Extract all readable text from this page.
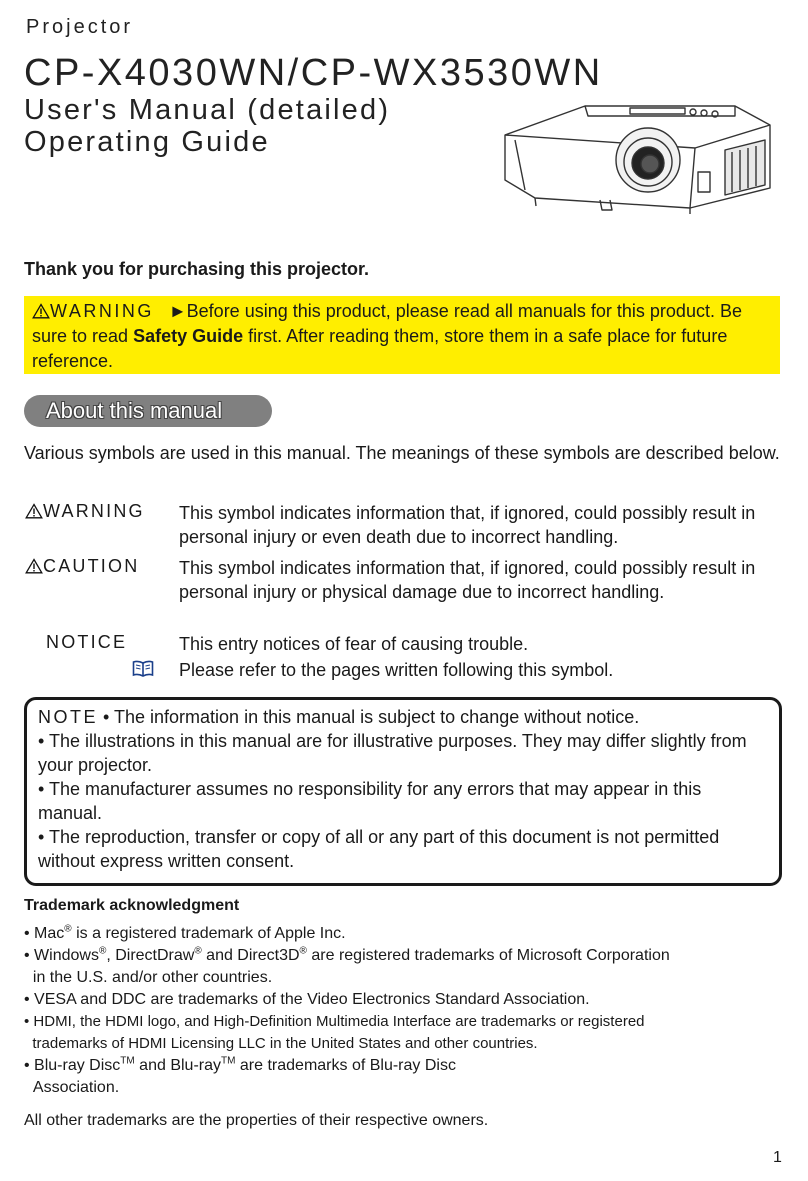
Projector
CP-X4030WN/CP-WX3530WN
User's Manual (detailed)
Operating Guide
Thank you for purchasing this projector.
WARNING ►Before using this product, please read all manuals for this product. Be sure to read Safety Guide first. After reading them, store them in a safe place for future reference.
About this manual
Various symbols are used in this manual. The meanings of these symbols are described below.
WARNING This symbol indicates information that, if ignored, could possibly result in personal injury or even death due to incorrect handling.
CAUTION This symbol indicates information that, if ignored, could possibly result in personal injury or physical damage due to incorrect handling.
NOTICE	This entry notices of fear of causing trouble.
Please refer to the pages written following this symbol.
NOTE • The information in this manual is subject to change without notice.
• The illustrations in this manual are for illustrative purposes. They may differ slightly from your projector.
• The manufacturer assumes no responsibility for any errors that may appear in this manual.
• The reproduction, transfer or copy of all or any part of this document is not permitted without express written consent.
Trademark acknowledgment
• Mac® is a registered trademark of Apple Inc.
• Windows®, DirectDraw® and Direct3D® are registered trademarks of Microsoft Corporation
in the U.S. and/or other countries.
• VESA and DDC are trademarks of the Video Electronics Standard Association.
• HDMI, the HDMI logo, and High-Definition Multimedia Interface are trademarks or registered
trademarks of HDMI Licensing LLC in the United States and other countries.
• Blu-ray Disc™ and Blu-ray™ are trademarks of Blu-ray Disc
Association.
All other trademarks are the properties of their respective owners.
1
